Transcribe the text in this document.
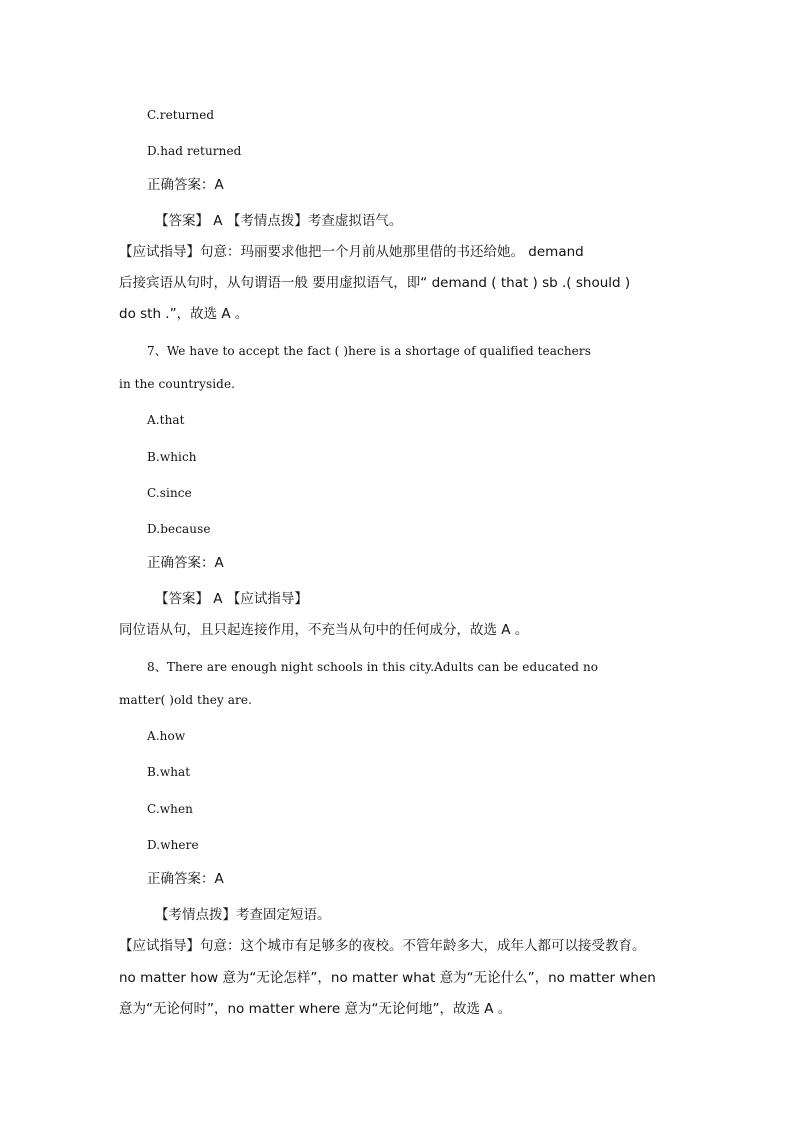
C.returned
D.had returned
正确答案：A
【答案】 A 【考情点拨】考查虚拟语气。
【应试指导】句意：玛丽要求他把一个月前从她那里借的书还给她。 demand
后接宾语从句时，从句谓语一般 要用虚拟语气，即“ demand ( that ) sb .( should )
do sth .”，故选 A 。
7、We have to accept the fact ( )here is a shortage of qualified teachers
in the countryside.
A.that
B.which
C.since
D.because
正确答案：A
【答案】 A 【应试指导】
同位语从句，且只起连接作用，不充当从句中的任何成分，故选 A 。
8、There are enough night schools in this city.Adults can be educated no
matter( )old they are.
A.how
B.what
C.when
D.where
正确答案：A
【考情点拨】考查固定短语。
【应试指导】句意：这个城市有足够多的夜校。不管年龄多大，成年人都可以接受教育。
no matter how 意为“无论怎样”，no matter what 意为“无论什么”，no matter when
意为“无论何时”，no matter where 意为“无论何地”，故选 A 。
